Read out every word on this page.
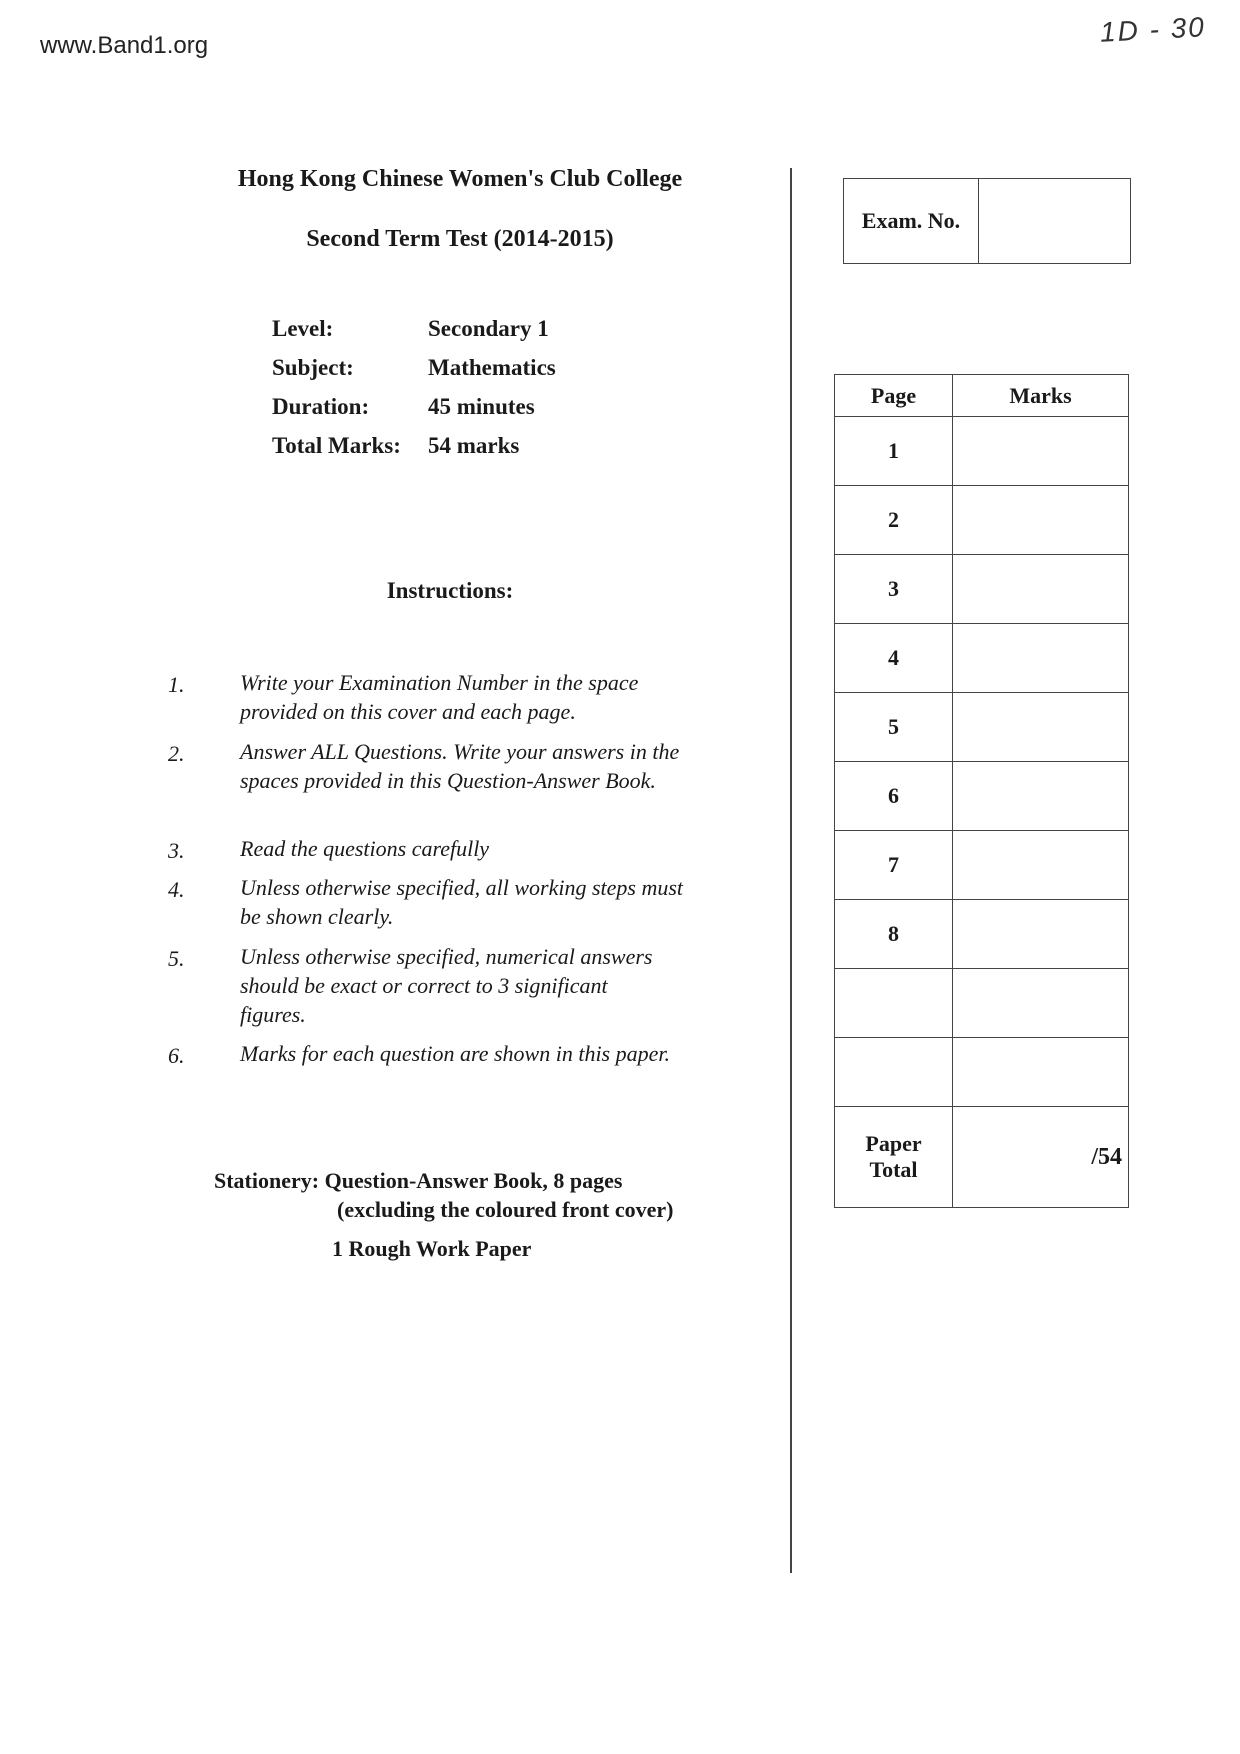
www.Band1.org	1D - 30
Hong Kong Chinese Women's Club College
Second Term Test (2014-2015)
Level:	Secondary 1
Subject:	Mathematics
Duration:	45 minutes
Total Marks: 54 marks
Instructions:
1.	Write your Examination Number in the space provided on this cover and each page.
2.	Answer ALL Questions. Write your answers in the spaces provided in this Question-Answer Book.
3.	Read the questions carefully
4.	Unless otherwise specified, all working steps must be shown clearly.
5.	Unless otherwise specified, numerical answers should be exact or correct to 3 significant figures.
6.	Marks for each question are shown in this paper.
Stationery: Question-Answer Book, 8 pages
(excluding the coloured front cover)
1 Rough Work Paper
Exam. No.
Page	Marks
1	
2	
3	
4	
5	
6	
7	
8	

Paper
Total	/54
